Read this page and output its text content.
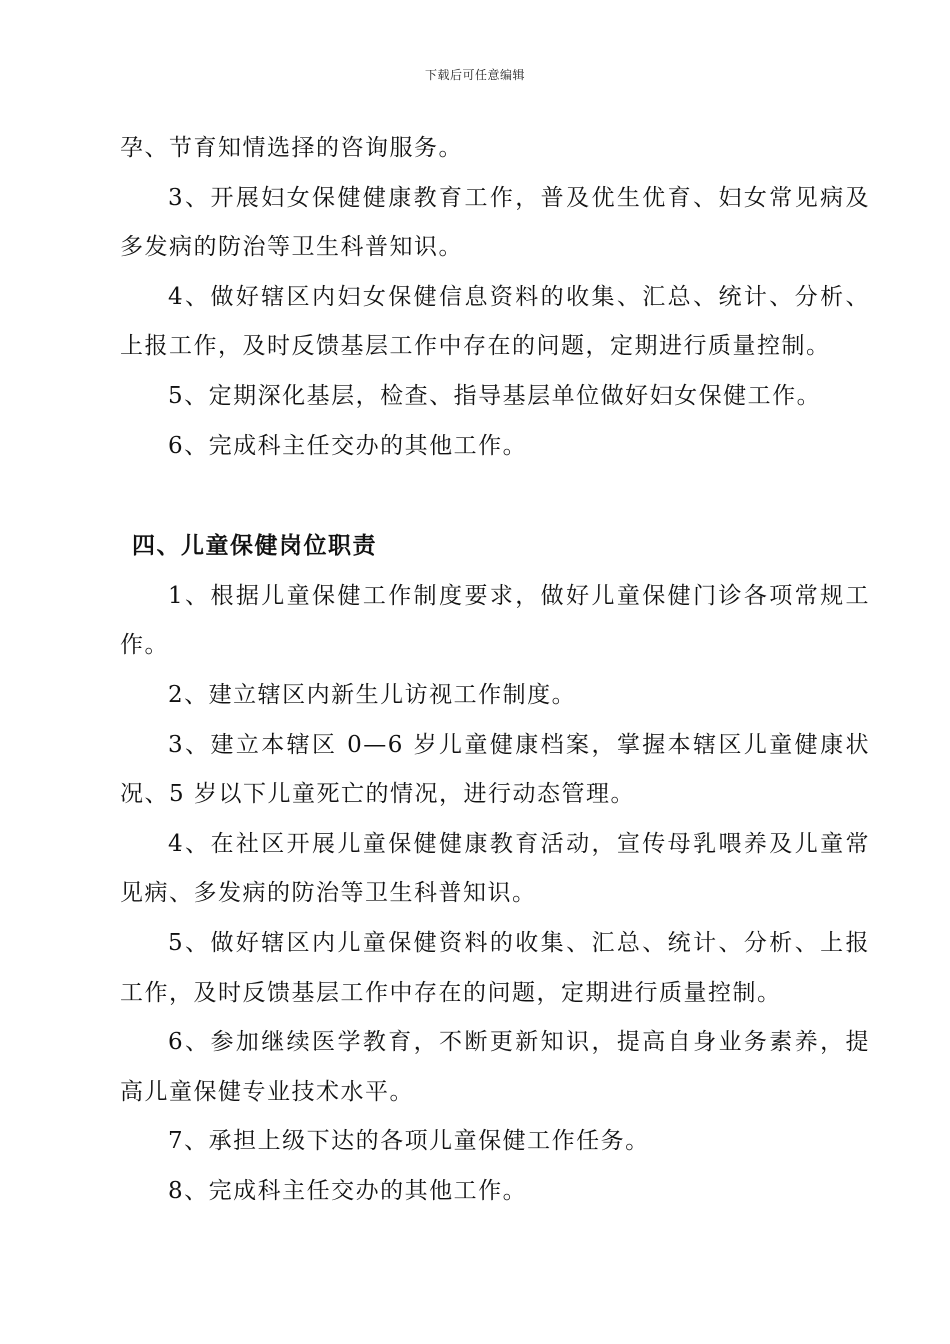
下载后可任意编辑

孕、节育知情选择的咨询服务。

3、开展妇女保健健康教育工作，普及优生优育、妇女常见病及多发病的防治等卫生科普知识。

4、做好辖区内妇女保健信息资料的收集、汇总、统计、分析、上报工作，及时反馈基层工作中存在的问题，定期进行质量控制。

5、定期深化基层，检查、指导基层单位做好妇女保健工作。

6、完成科主任交办的其他工作。

四、儿童保健岗位职责

1、根据儿童保健工作制度要求，做好儿童保健门诊各项常规工作。

2、建立辖区内新生儿访视工作制度。

3、建立本辖区 0—6 岁儿童健康档案，掌握本辖区儿童健康状况、5 岁以下儿童死亡的情况，进行动态管理。

4、在社区开展儿童保健健康教育活动，宣传母乳喂养及儿童常见病、多发病的防治等卫生科普知识。

5、做好辖区内儿童保健资料的收集、汇总、统计、分析、上报工作，及时反馈基层工作中存在的问题，定期进行质量控制。

6、参加继续医学教育，不断更新知识，提高自身业务素养，提高儿童保健专业技术水平。

7、承担上级下达的各项儿童保健工作任务。

8、完成科主任交办的其他工作。
